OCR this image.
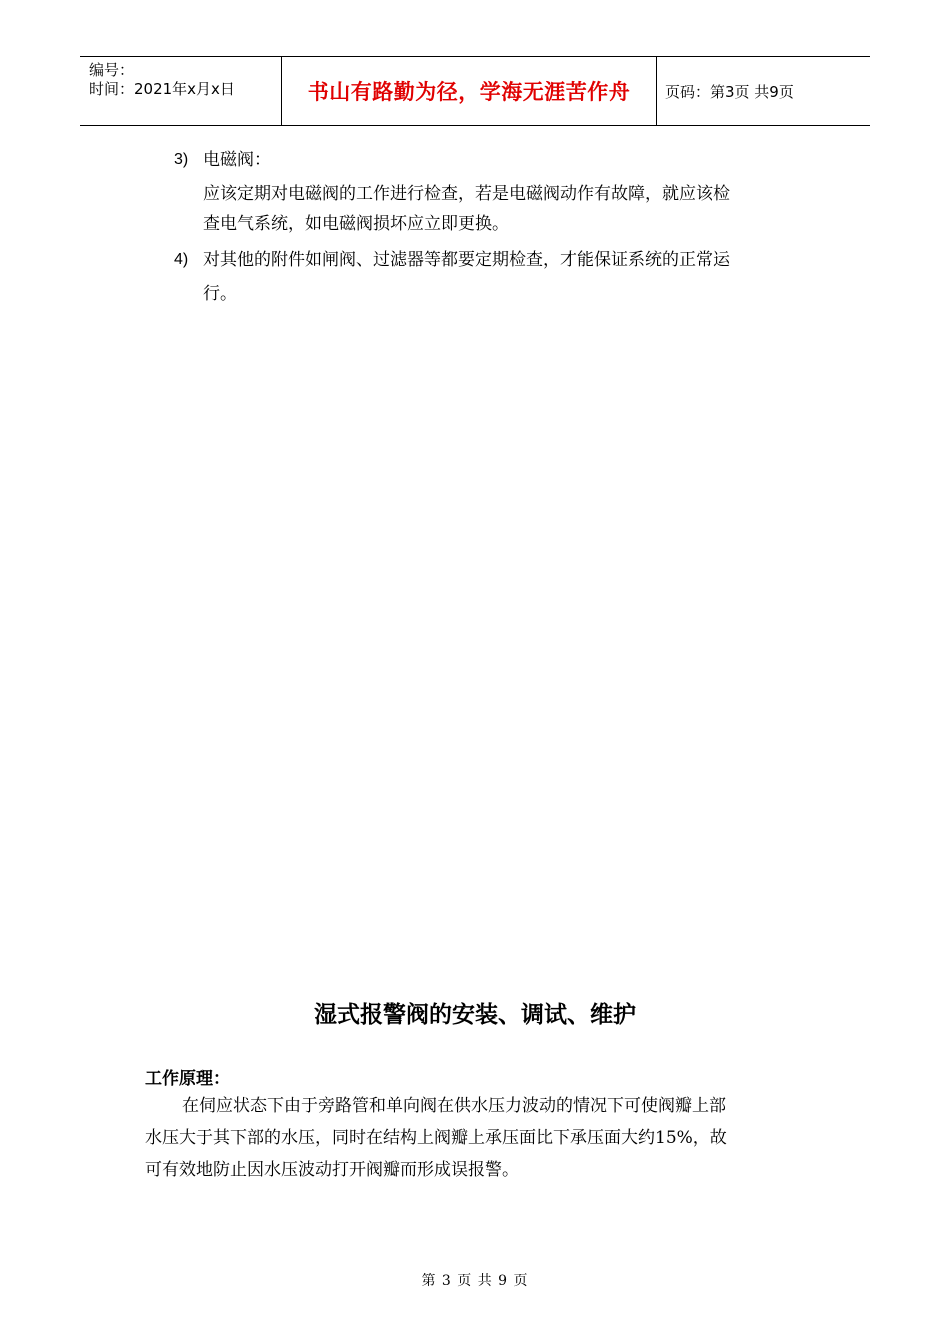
编号：
时间：2021年x月x日	书山有路勤为径，学海无涯苦作舟 页码：第3页 共9页
3) 电磁阀：
应该定期对电磁阀的工作进行检查，若是电磁阀动作有故障，就应该检
查电气系统，如电磁阀损坏应立即更换。
4) 对其他的附件如闸阀、过滤器等都要定期检查，才能保证系统的正常运
行。
湿式报警阀的安装、调试、维护
工作原理：
在伺应状态下由于旁路管和单向阀在供水压力波动的情况下可使阀瓣上部
水压大于其下部的水压，同时在结构上阀瓣上承压面比下承压面大约15%，故
可有效地防止因水压波动打开阀瓣而形成误报警。
第 3 页 共 9 页
